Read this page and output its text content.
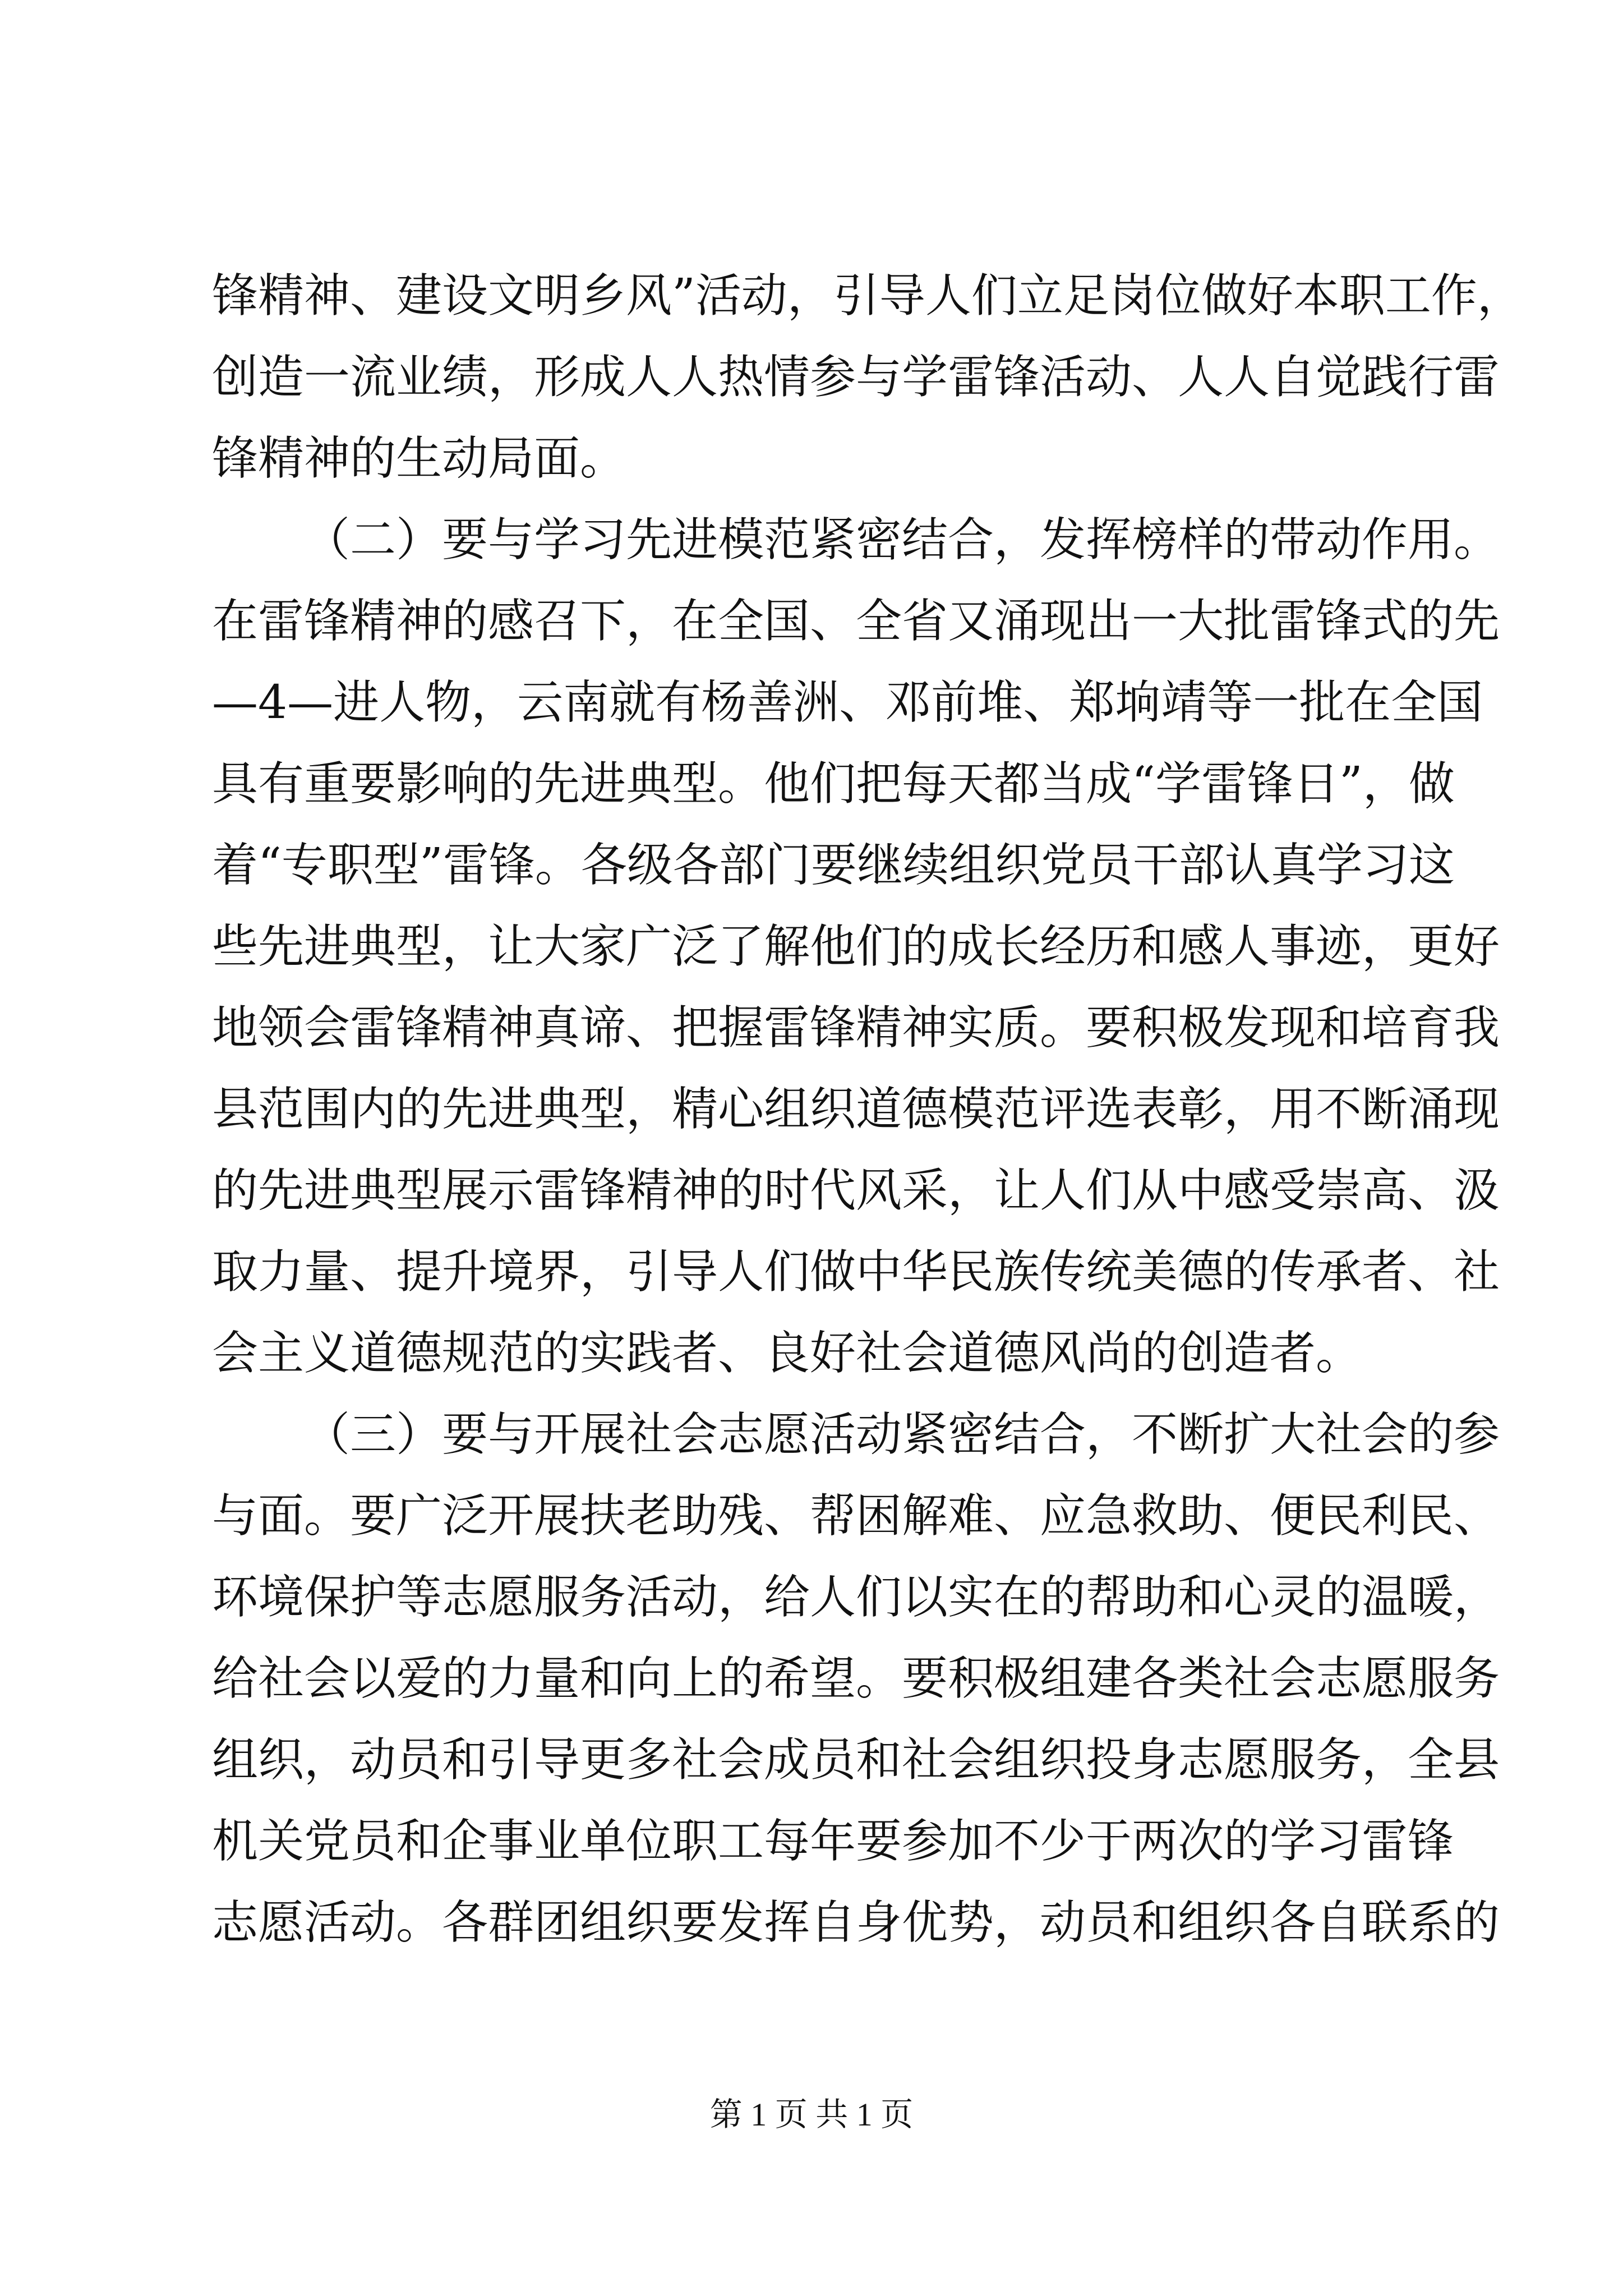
锋精神、建设文明乡风”活动，引导人们立足岗位做好本职工作，
创造一流业绩，形成人人热情参与学雷锋活动、人人自觉践行雷
锋精神的生动局面。
（二）要与学习先进模范紧密结合，发挥榜样的带动作用。
在雷锋精神的感召下，在全国、全省又涌现出一大批雷锋式的先
—4—进人物，云南就有杨善洲、邓前堆、郑垧靖等一批在全国
具有重要影响的先进典型。他们把每天都当成“学雷锋日”，做
着“专职型”雷锋。各级各部门要继续组织党员干部认真学习这
些先进典型，让大家广泛了解他们的成长经历和感人事迹，更好
地领会雷锋精神真谛、把握雷锋精神实质。要积极发现和培育我
县范围内的先进典型，精心组织道德模范评选表彰，用不断涌现
的先进典型展示雷锋精神的时代风采，让人们从中感受崇高、汲
取力量、提升境界，引导人们做中华民族传统美德的传承者、社
会主义道德规范的实践者、良好社会道德风尚的创造者。
（三）要与开展社会志愿活动紧密结合，不断扩大社会的参
与面。要广泛开展扶老助残、帮困解难、应急救助、便民利民、
环境保护等志愿服务活动，给人们以实在的帮助和心灵的温暖，
给社会以爱的力量和向上的希望。要积极组建各类社会志愿服务
组织，动员和引导更多社会成员和社会组织投身志愿服务，全县
机关党员和企事业单位职工每年要参加不少于两次的学习雷锋
志愿活动。各群团组织要发挥自身优势，动员和组织各自联系的
第 1 页 共 1 页
